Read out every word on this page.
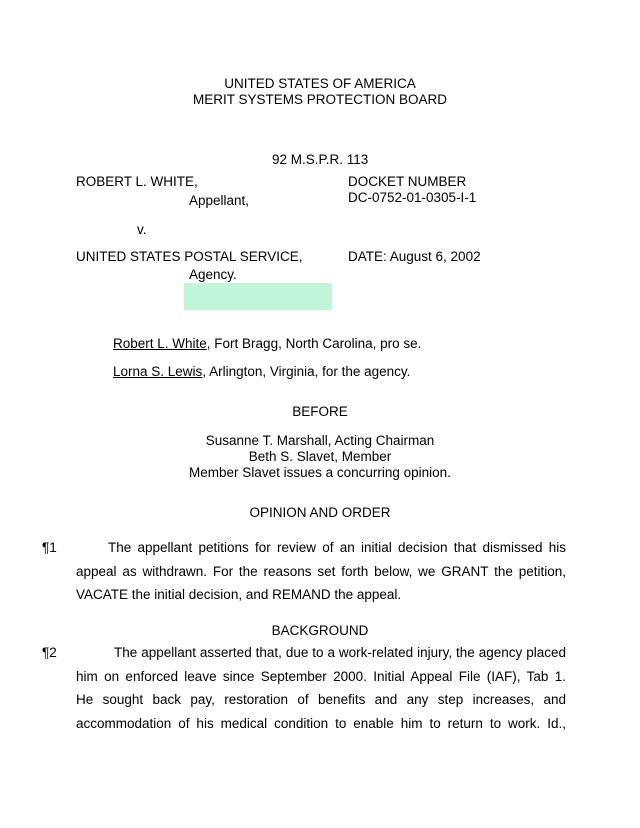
UNITED STATES OF AMERICA
MERIT SYSTEMS PROTECTION BOARD
92 M.S.P.R. 113
ROBERT L. WHITE,
Appellant,
v.
UNITED STATES POSTAL SERVICE,
Agency.
DOCKET NUMBER
DC-0752-01-0305-I-1
DATE: August 6, 2002
Robert L. White, Fort Bragg, North Carolina, pro se.
Lorna S. Lewis, Arlington, Virginia, for the agency.
BEFORE
Susanne T. Marshall, Acting Chairman
Beth S. Slavet, Member
Member Slavet issues a concurring opinion.
OPINION AND ORDER
¶1	The appellant petitions for review of an initial decision that dismissed his
appeal as withdrawn. For the reasons set forth below, we GRANT the petition,
VACATE the initial decision, and REMAND the appeal.
BACKGROUND
¶2	The appellant asserted that, due to a work-related injury, the agency placed
him on enforced leave since September 2000. Initial Appeal File (IAF), Tab 1.
He sought back pay, restoration of benefits and any step increases, and
accommodation of his medical condition to enable him to return to work. Id.,
